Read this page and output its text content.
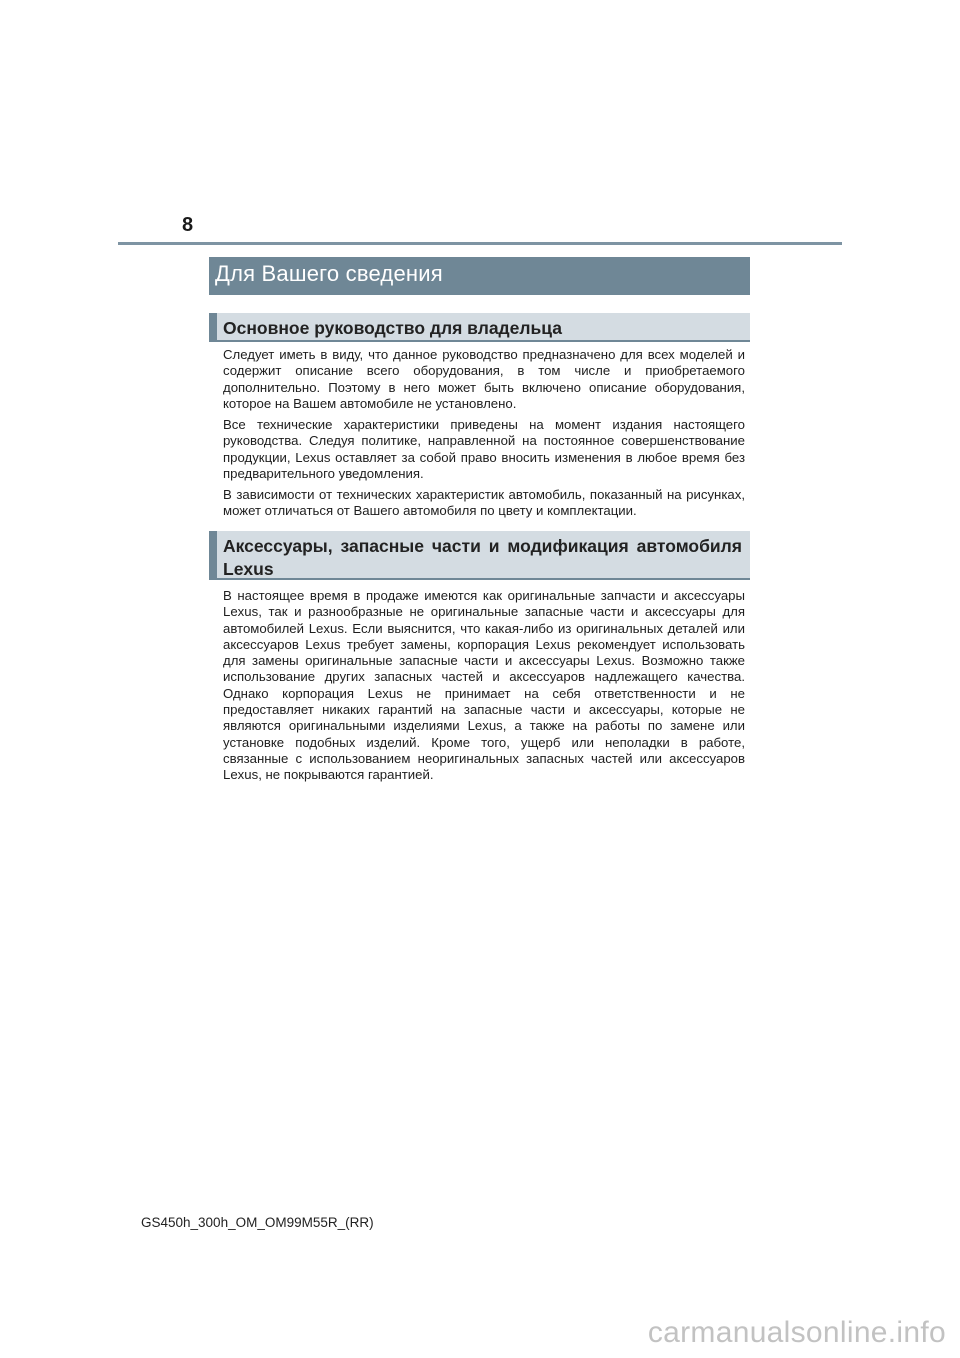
8
Для Вашего сведения
Основное руководство для владельца

Следует иметь в виду, что данное руководство предназначено для всех моделей и содержит описание всего оборудования, в том числе и приобретаемого дополнительно. Поэтому в него может быть включено описание оборудования, которое на Вашем автомобиле не установлено.

Все технические характеристики приведены на момент издания настоящего руководства. Следуя политике, направленной на постоянное совершенствование продукции, Lexus оставляет за собой право вносить изменения в любое время без предварительного уведомления.

В зависимости от технических характеристик автомобиль, показанный на рисунках, может отличаться от Вашего автомобиля по цвету и комплектации.

Аксессуары, запасные части и модификация автомобиля Lexus

В настоящее время в продаже имеются как оригинальные запчасти и аксессуары Lexus, так и разнообразные не оригинальные запасные части и аксессуары для автомобилей Lexus. Если выяснится, что какая-либо из оригинальных деталей или аксессуаров Lexus требует замены, корпорация Lexus рекомендует использовать для замены оригинальные запасные части и аксессуары Lexus. Возможно также использование других запасных частей и аксессуаров надлежащего качества. Однако корпорация Lexus не принимает на себя ответственности и не предоставляет никаких гарантий на запасные части и аксессуары, которые не являются оригинальными изделиями Lexus, а также на работы по замене или установке подобных изделий. Кроме того, ущерб или неполадки в работе, связанные с использованием неоригинальных запасных частей или аксессуаров Lexus, не покрываются гарантией.

GS450h_300h_OM_OM99M55R_(RR)
carmanualsonline.info
